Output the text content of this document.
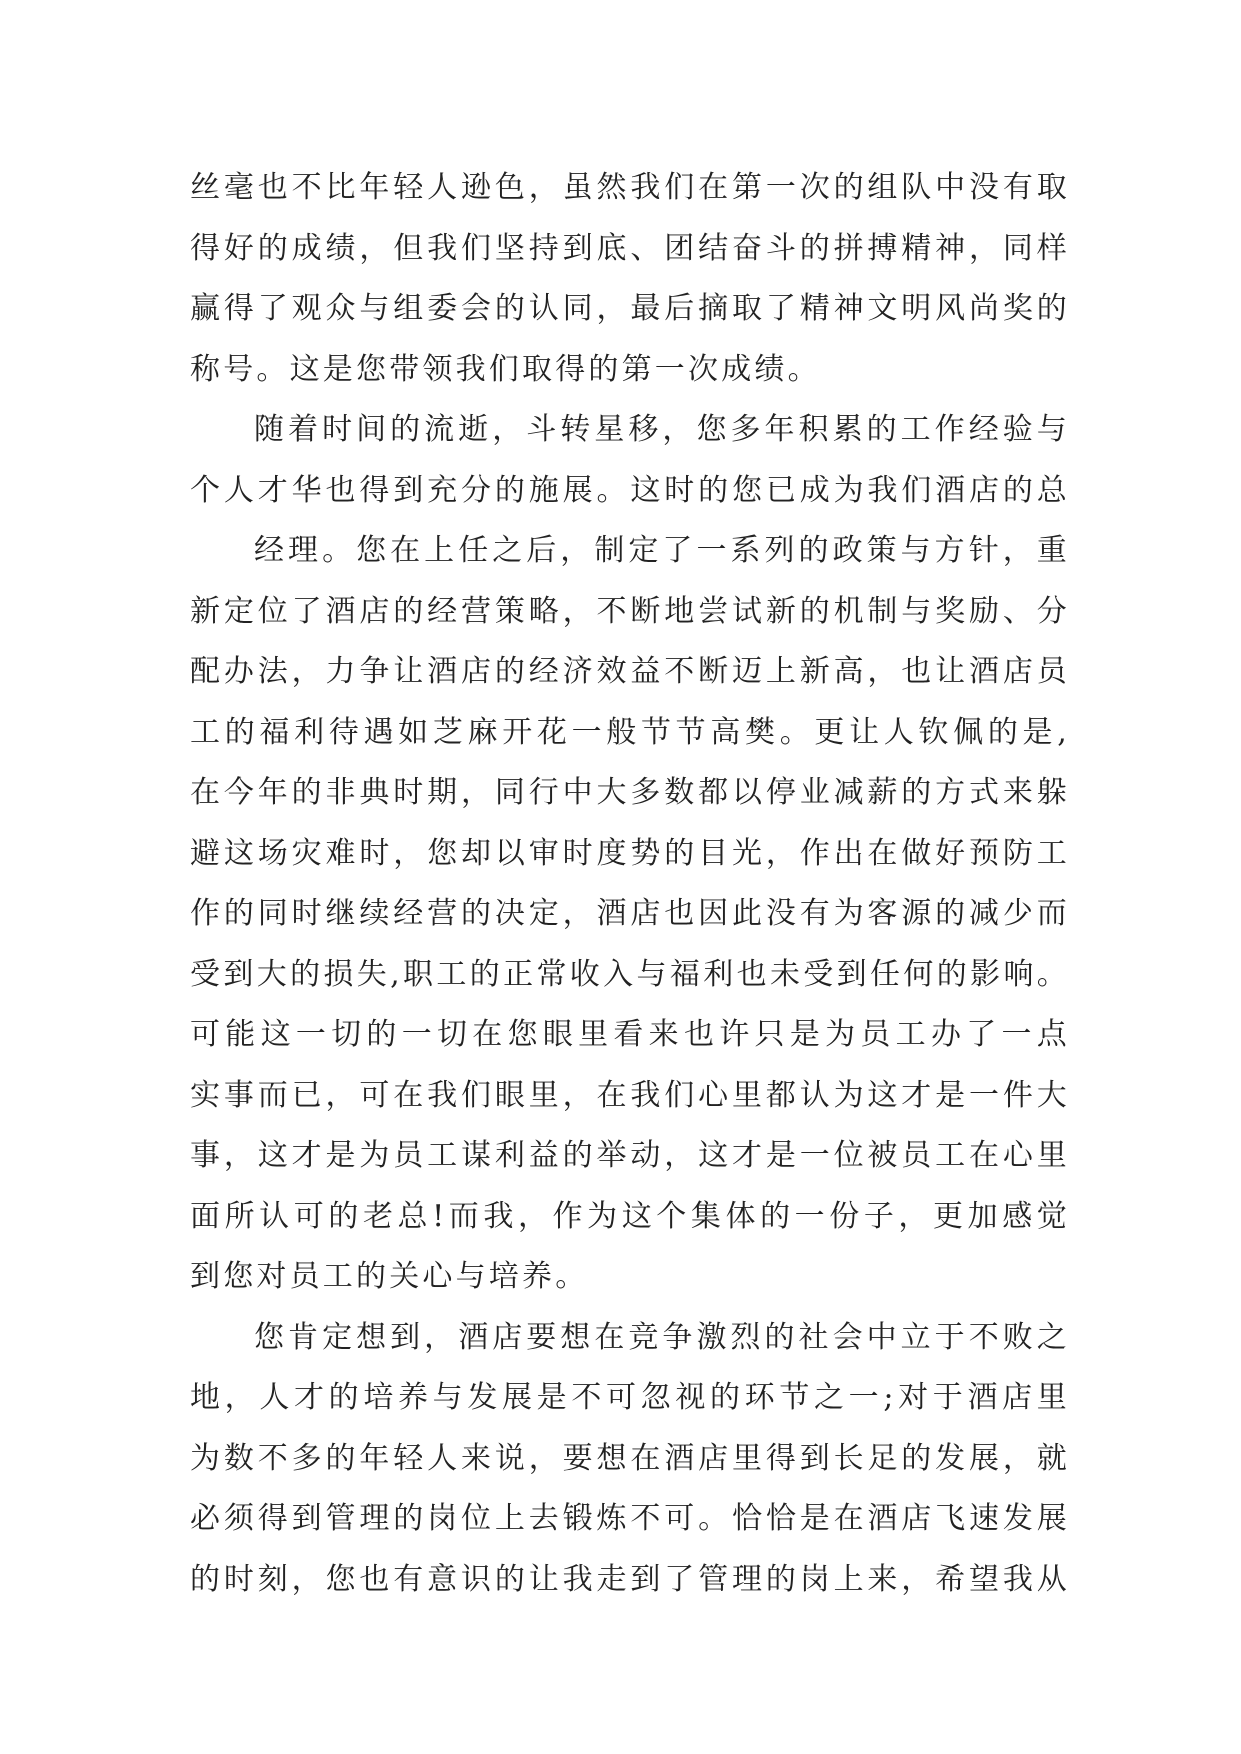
丝毫也不比年轻人逊色，虽然我们在第一次的组队中没有取
得好的成绩，但我们坚持到底、团结奋斗的拼搏精神，同样
赢得了观众与组委会的认同，最后摘取了精神文明风尚奖的
称号。这是您带领我们取得的第一次成绩。
随着时间的流逝，斗转星移，您多年积累的工作经验与
个人才华也得到充分的施展。这时的您已成为我们酒店的总
经理。您在上任之后，制定了一系列的政策与方针，重
新定位了酒店的经营策略，不断地尝试新的机制与奖励、分
配办法，力争让酒店的经济效益不断迈上新高，也让酒店员
工的福利待遇如芝麻开花一般节节高樊。更让人钦佩的是,
在今年的非典时期，同行中大多数都以停业减薪的方式来躲
避这场灾难时，您却以审时度势的目光，作出在做好预防工
作的同时继续经营的决定，酒店也因此没有为客源的减少而
受到大的损失,职工的正常收入与福利也未受到任何的影响。
可能这一切的一切在您眼里看来也许只是为员工办了一点
实事而已，可在我们眼里，在我们心里都认为这才是一件大
事，这才是为员工谋利益的举动，这才是一位被员工在心里
面所认可的老总!而我，作为这个集体的一份子，更加感觉
到您对员工的关心与培养。
您肯定想到，酒店要想在竞争激烈的社会中立于不败之
地，人才的培养与发展是不可忽视的环节之一;对于酒店里
为数不多的年轻人来说，要想在酒店里得到长足的发展，就
必须得到管理的岗位上去锻炼不可。恰恰是在酒店飞速发展
的时刻，您也有意识的让我走到了管理的岗上来，希望我从
